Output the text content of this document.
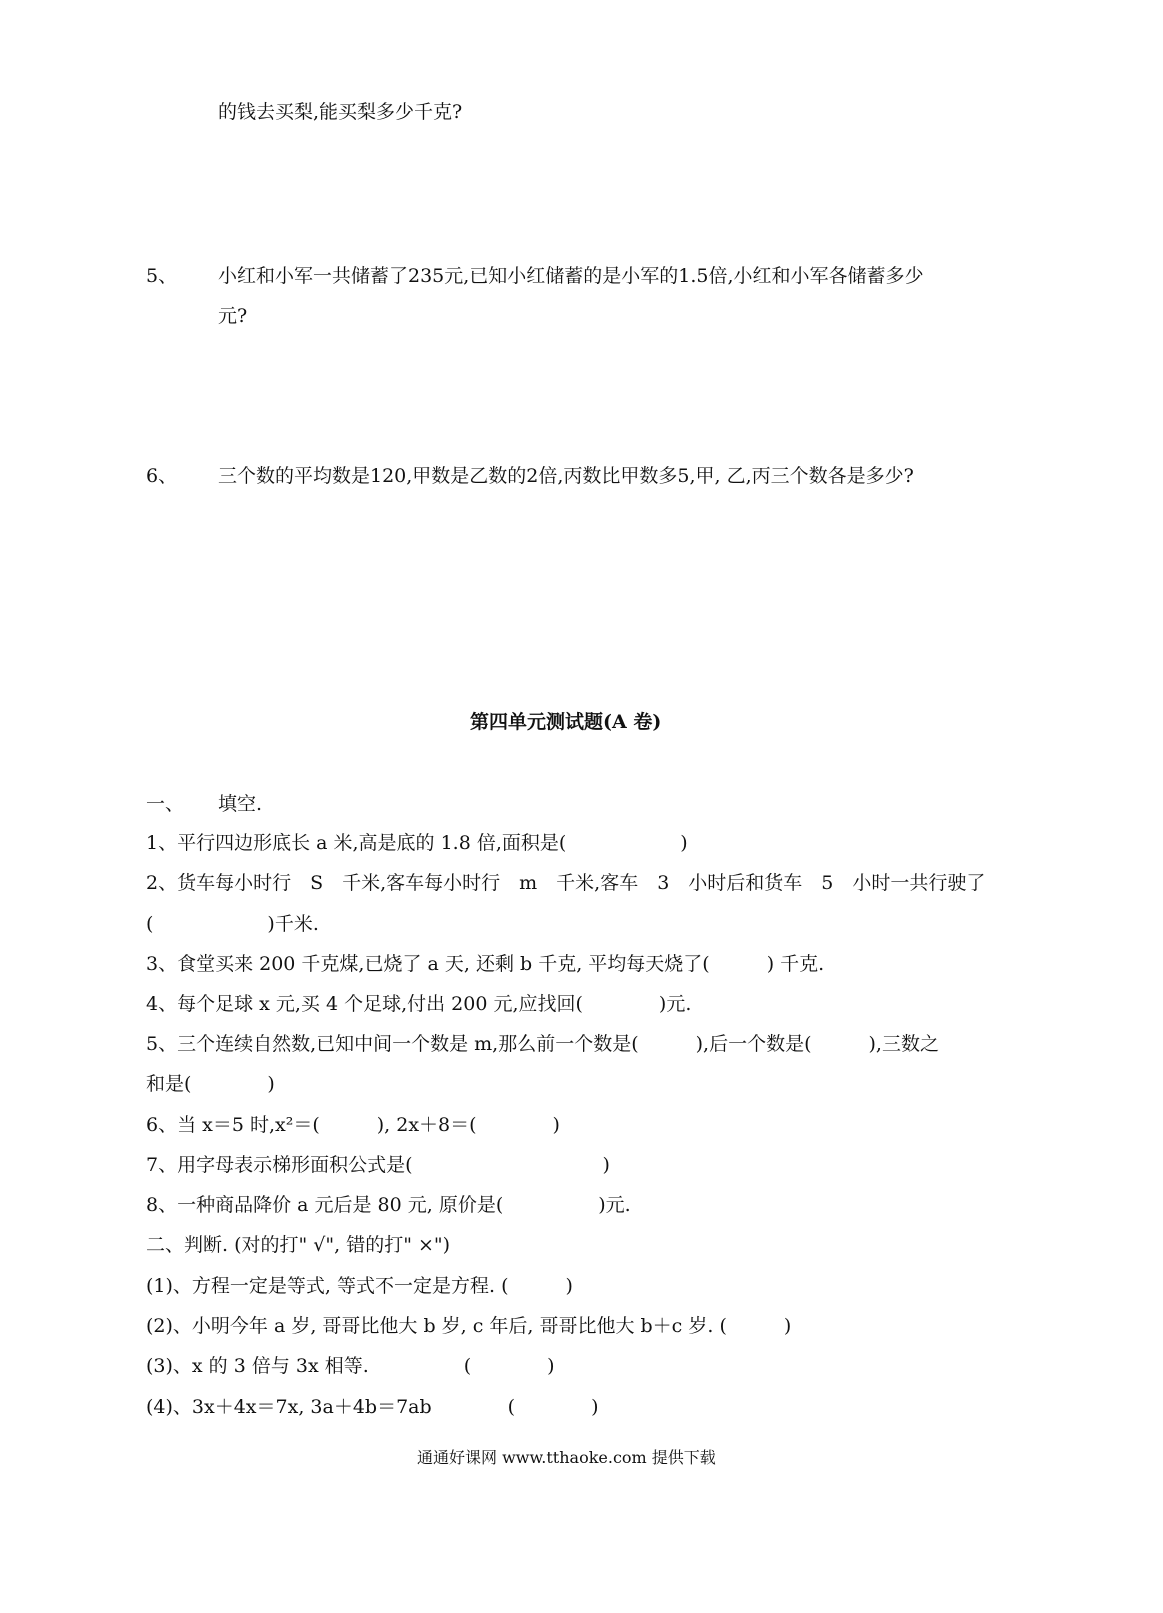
的钱去买梨,能买梨多少千克?
5、 小红和小军一共储蓄了235元,已知小红储蓄的是小军的1.5倍,小红和小军各储蓄多少
元?
6、 三个数的平均数是120,甲数是乙数的2倍,丙数比甲数多5,甲, 乙,丙三个数各是多少?
第四单元测试题(A 卷)
一、 填空.
1、平行四边形底长 a 米,高是底的 1.8 倍,面积是(　　　　　　)
2、货车每小时行　S　千米,客车每小时行　m　千米,客车　3　小时后和货车　5　小时一共行驶了
(　　　　　　)千米.
3、食堂买来 200 千克煤,已烧了 a 天, 还剩 b 千克, 平均每天烧了(　　　) 千克.
4、每个足球 x 元,买 4 个足球,付出 200 元,应找回(　　　　)元.
5、三个连续自然数,已知中间一个数是 m,那么前一个数是(　　　),后一个数是(　　　),三数之
和是(　　　　)
6、当 x＝5 时,x²＝(　　　), 2x＋8＝(　　　　)
7、用字母表示梯形面积公式是(　　　　　　　　　　)
8、一种商品降价 a 元后是 80 元, 原价是(　　　　　)元.
二、判断. (对的打" √", 错的打" ×")
(1)、方程一定是等式, 等式不一定是方程. (　　　)
(2)、小明今年 a 岁, 哥哥比他大 b 岁, c 年后, 哥哥比他大 b＋c 岁. (　　　)
(3)、x 的 3 倍与 3x 相等.　　　　　(　　　　)
(4)、3x＋4x＝7x, 3a＋4b＝7ab　　　　(　　　　)
通通好课网 www.tthaoke.com 提供下载
